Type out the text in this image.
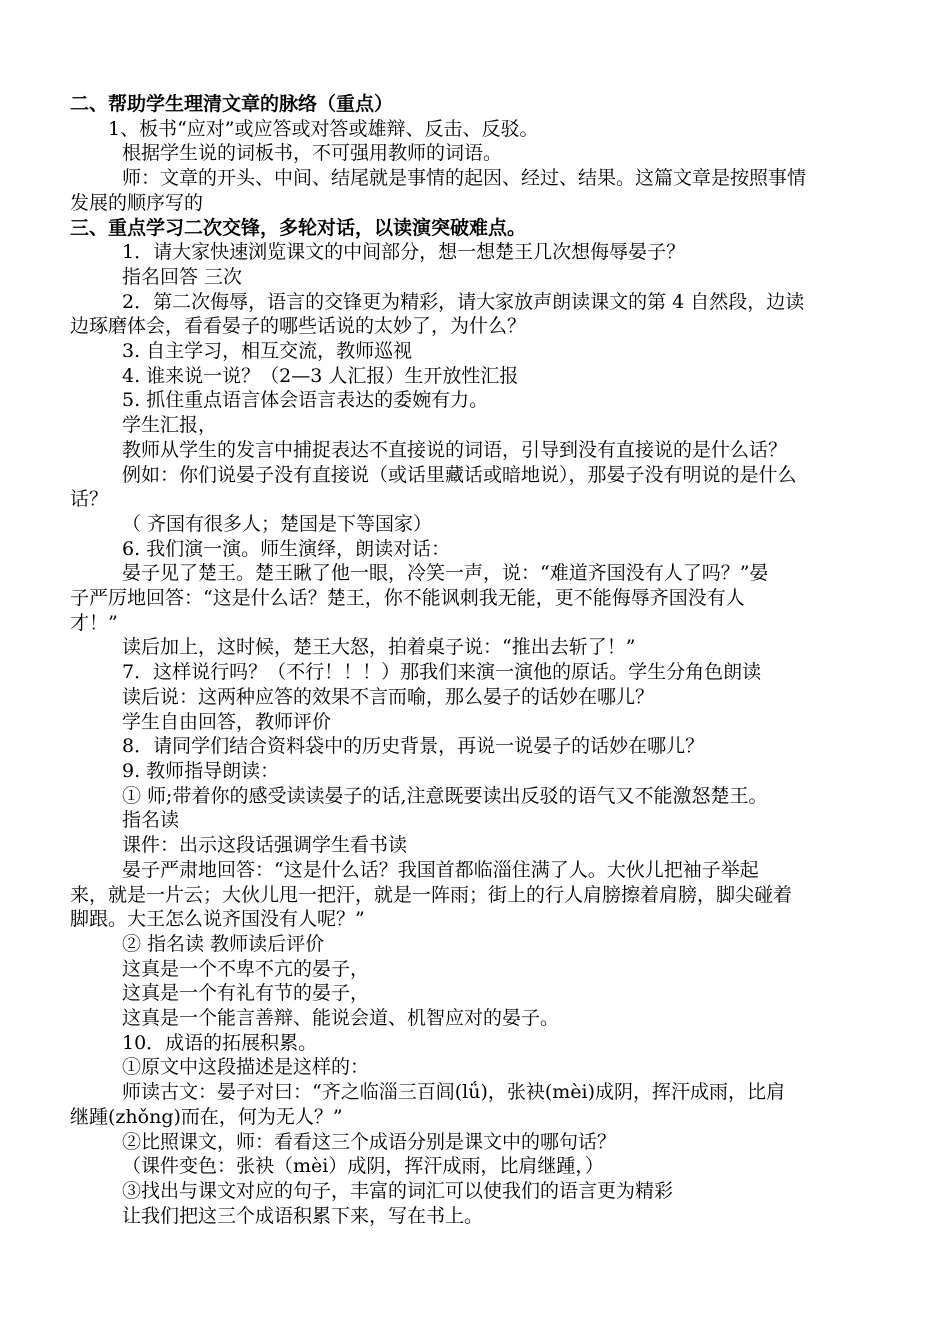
二、帮助学生理清文章的脉络（重点）

1、板书“应对”或应答或对答或雄辩、反击、反驳。

根据学生说的词板书，不可强用教师的词语。

师：文章的开头、中间、结尾就是事情的起因、经过、结果。这篇文章是按照事情

发展的顺序写的

三、重点学习二次交锋，多轮对话，以读演突破难点。

1．请大家快速浏览课文的中间部分，想一想楚王几次想侮辱晏子？

指名回答 三次

2．第二次侮辱，语言的交锋更为精彩，请大家放声朗读课文的第 4 自然段，边读

边琢磨体会，看看晏子的哪些话说的太妙了，为什么？

3. 自主学习，相互交流，教师巡视

4. 谁来说一说？（2—3 人汇报）生开放性汇报

5. 抓住重点语言体会语言表达的委婉有力。

学生汇报，

教师从学生的发言中捕捉表达不直接说的词语，引导到没有直接说的是什么话？

例如：你们说晏子没有直接说（或话里藏话或暗地说），那晏子没有明说的是什么

话？

（ 齐国有很多人；楚国是下等国家）

6. 我们演一演。师生演绎，朗读对话：

晏子见了楚王。楚王瞅了他一眼，冷笑一声，说：“难道齐国没有人了吗？”晏

子严厉地回答：“这是什么话？楚王，你不能讽刺我无能，更不能侮辱齐国没有人

才！”

读后加上，这时候，楚王大怒，拍着桌子说：“推出去斩了！”

7．这样说行吗？（不行！！！）那我们来演一演他的原话。学生分角色朗读

读后说：这两种应答的效果不言而喻，那么晏子的话妙在哪儿？

学生自由回答，教师评价

8．请同学们结合资料袋中的历史背景，再说一说晏子的话妙在哪儿？

9. 教师指导朗读：

① 师;带着你的感受读读晏子的话,注意既要读出反驳的语气又不能激怒楚王。

指名读

课件：出示这段话强调学生看书读

晏子严肃地回答：“这是什么话？我国首都临淄住满了人。大伙儿把袖子举起

来，就是一片云；大伙儿甩一把汗，就是一阵雨；街上的行人肩膀擦着肩膀，脚尖碰着

脚跟。大王怎么说齐国没有人呢？”

② 指名读 教师读后评价

这真是一个不卑不亢的晏子，

这真是一个有礼有节的晏子，

这真是一个能言善辩、能说会道、机智应对的晏子。

10．成语的拓展积累。

①原文中这段描述是这样的：

师读古文：晏子对曰：“齐之临淄三百闾(lǘ)，张袂(mèi)成阴，挥汗成雨，比肩

继踵(zhǒng)而在，何为无人？”

②比照课文，师：看看这三个成语分别是课文中的哪句话？

（课件变色：张袂（mèi）成阴，挥汗成雨，比肩继踵，）

③找出与课文对应的句子，丰富的词汇可以使我们的语言更为精彩

让我们把这三个成语积累下来，写在书上。
